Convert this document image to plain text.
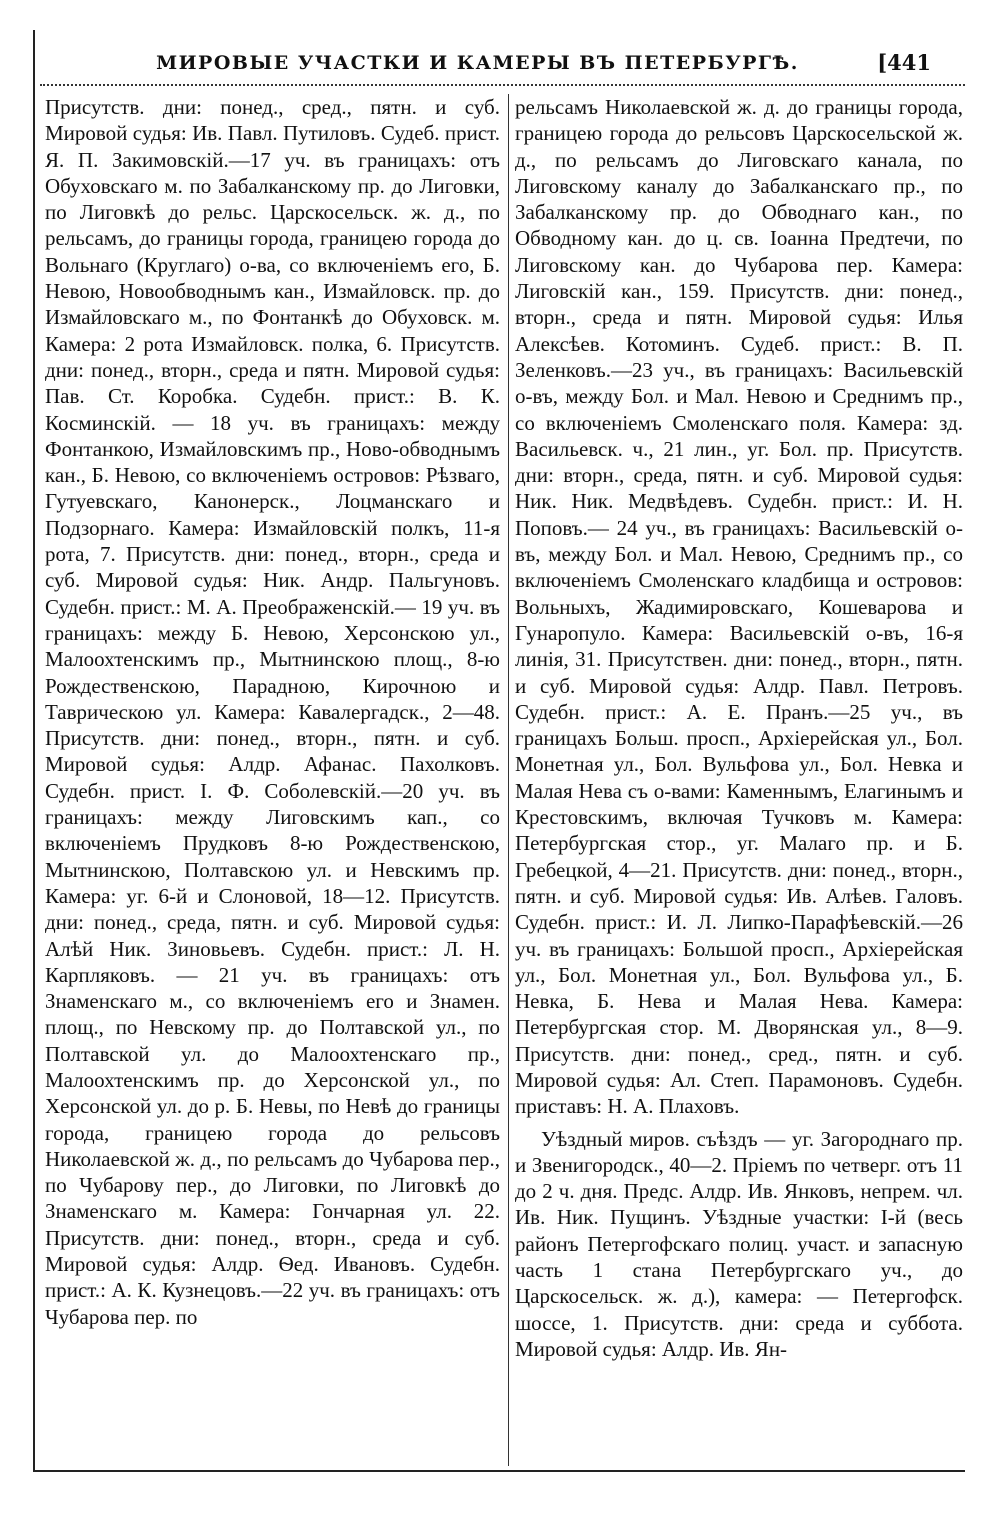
МИРОВЫЕ УЧАСТКИ И КАМЕРЫ ВЪ ПЕТЕРБУРГѢ.	[441

Присутств. дни: понед., сред., пятн. и суб. Мировой судья: Ив. Павл. Путиловъ. Судеб. прист. Я. П. Закимовскій.—17 уч. въ границахъ: отъ Обуховскаго м. по Забалканскому пр. до Лиговки, по Лиговкѣ до рельс. Царскосельск. ж. д., по рельсамъ, до границы города, границею города до Вольнаго (Круглаго) о-ва, со включеніемъ его, Б. Невою, Новообводнымъ кан., Измайловск. пр. до Измайловскаго м., по Фонтанкѣ до Обуховск. м. Камера: 2 рота Измайловск. полка, 6. Присутств. дни: понед., вторн., среда и пятн. Мировой судья: Пав. Ст. Коробка. Судебн. прист.: В. К. Косминскій. — 18 уч. въ границахъ: между Фонтанкою, Измайловскимъ пр., Ново-обводнымъ кан., Б. Невою, со включеніемъ островов: Рѣзваго, Гутуевскаго, Канонерск., Лоцманскаго и Подзорнаго. Камера: Измайловскій полкъ, 11-я рота, 7. Присутств. дни: понед., вторн., среда и суб. Мировой судья: Ник. Андр. Пальгуновъ. Судебн. прист.: М. А. Преображенскій.— 19 уч. въ границахъ: между Б. Невою, Херсонскою ул., Малоохтенскимъ пр., Мытнинскою площ., 8-ю Рождественскою, Парадною, Кирочною и Таврическою ул. Камера: Кавалергадск., 2—48. Присутств. дни: понед., вторн., пятн. и суб. Мировой судья: Алдр. Афанас. Пахолковъ. Судебн. прист. І. Ф. Соболевскій.—20 уч. въ границахъ: между Лиговскимъ кап., со включеніемъ Прудковъ 8-ю Рождественскою, Мытнинскою, Полтавскою ул. и Невскимъ пр. Камера: уг. 6-й и Слоновой, 18—12. Присутств. дни: понед., среда, пятн. и суб. Мировой судья: Алѣй Ник. Зиновьевъ. Судебн. прист.: Л. Н. Карпляковъ. — 21 уч. въ границахъ: отъ Знаменскаго м., со включеніемъ его и Знамен. площ., по Невскому пр. до Полтавской ул., по Полтавской ул. до Малоохтенскаго пр., Малоохтенскимъ пр. до Херсонской ул., по Херсонской ул. до р. Б. Невы, по Невѣ до границы города, границею города до рельсовъ Николаевской ж. д., по рельсамъ до Чубарова пер., по Чубарову пер., до Лиговки, по Лиговкѣ до Знаменскаго м. Камера: Гончарная ул. 22. Присутств. дни: понед., вторн., среда и суб. Мировой судья: Алдр. Ѳед. Ивановъ. Судебн. прист.: А. К. Кузнецовъ.—22 уч. въ границахъ: отъ Чубарова пер. по

рельсамъ Николаевской ж. д. до границы города, границею города до рельсовъ Царскосельской ж. д., по рельсамъ до Лиговскаго канала, по Лиговскому каналу до Забалканскаго пр., по Забалканскому пр. до Обводнаго кан., по Обводному кан. до ц. св. Іоанна Предтечи, по Лиговскому кан. до Чубарова пер. Камера: Лиговскій кан., 159. Присутств. дни: понед., вторн., среда и пятн. Мировой судья: Илья Алексѣев. Котоминъ. Судеб. прист.: В. П. Зеленковъ.—23 уч., въ границахъ: Васильевскій о-въ, между Бол. и Мал. Невою и Среднимъ пр., со включеніемъ Смоленскаго поля. Камера: зд. Васильевск. ч., 21 лин., уг. Бол. пр. Присутств. дни: вторн., среда, пятн. и суб. Мировой судья: Ник. Ник. Медвѣдевъ. Судебн. прист.: И. Н. Поповъ.— 24 уч., въ границахъ: Васильевскій о-въ, между Бол. и Мал. Невою, Среднимъ пр., со включеніемъ Смоленскаго кладбища и островов: Вольныхъ, Жадимировскаго, Кошеварова и Гунаропуло. Камера: Васильевскій о-въ, 16-я линія, 31. Присутствен. дни: понед., вторн., пятн. и суб. Мировой судья: Алдр. Павл. Петровъ. Судебн. прист.: А. Е. Пранъ.—25 уч., въ границахъ Больш. просп., Архіерейская ул., Бол. Монетная ул., Бол. Вульфова ул., Бол. Невка и Малая Нева съ о-вами: Каменнымъ, Елагинымъ и Крестовскимъ, включая Тучковъ м. Камера: Петербургская стор., уг. Малаго пр. и Б. Гребецкой, 4—21. Присутств. дни: понед., вторн., пятн. и суб. Мировой судья: Ив. Алѣев. Галовъ. Судебн. прист.: И. Л. Липко-Парафѣевскій.—26 уч. въ границахъ: Большой просп., Архіерейская ул., Бол. Монетная ул., Бол. Вульфова ул., Б. Невка, Б. Нева и Малая Нева. Камера: Петербургская стор. М. Дворянская ул., 8—9. Присутств. дни: понед., сред., пятн. и суб. Мировой судья: Ал. Степ. Парамоновъ. Судебн. приставъ: Н. А. Плаховъ.

Уѣздный миров. съѣздъ — уг. Загороднаго пр. и Звенигородск., 40—2. Пріемъ по четверг. отъ 11 до 2 ч. дня. Предс. Алдр. Ив. Янковъ, непрем. чл. Ив. Ник. Пущинъ. Уѣздные участки: I-й (весь районъ Петергофскаго полиц. участ. и запасную часть 1 стана Петербургскаго уч., до Царскосельск. ж. д.), камера: — Петергофск. шоссе, 1. Присутств. дни: среда и суббота. Мировой судья: Алдр. Ив. Ян-
